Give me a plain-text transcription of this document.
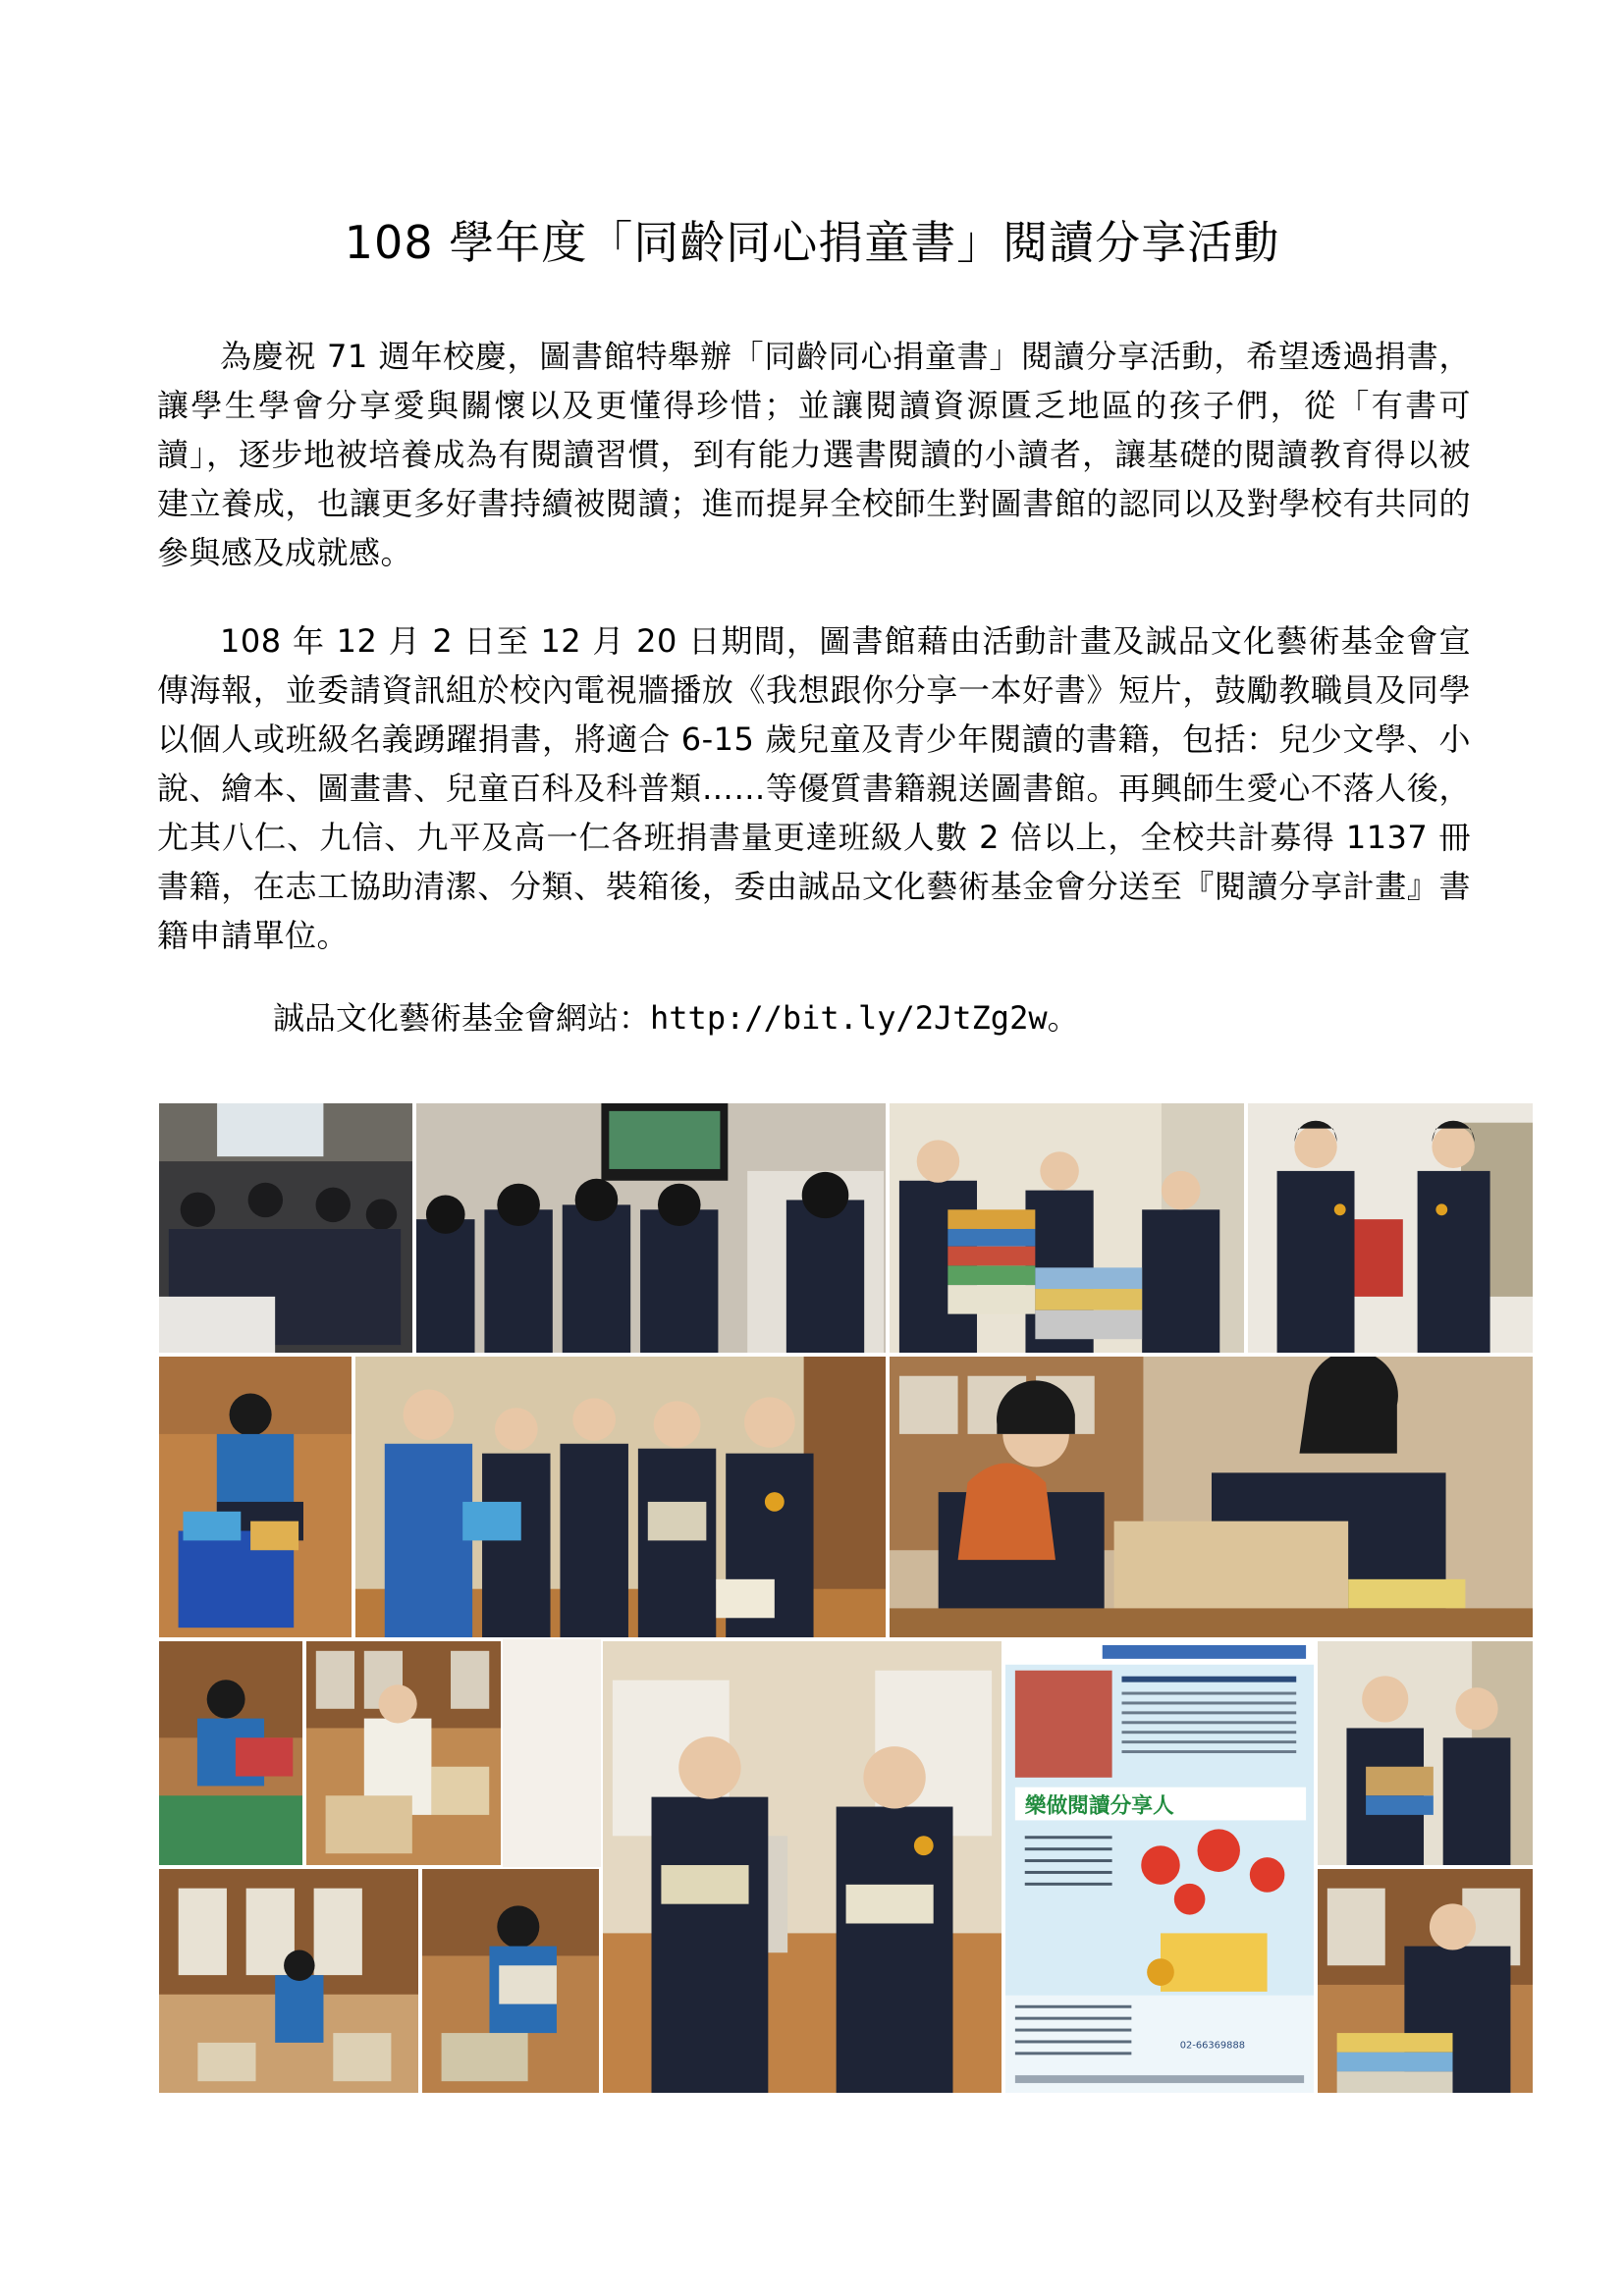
108 學年度「同齡同心捐童書」閱讀分享活動

為慶祝 71 週年校慶，圖書館特舉辦「同齡同心捐童書」閱讀分享活動，希望透過捐書，讓學生學會分享愛與關懷以及更懂得珍惜；並讓閱讀資源匱乏地區的孩子們，從「有書可讀」，逐步地被培養成為有閱讀習慣，到有能力選書閱讀的小讀者，讓基礎的閱讀教育得以被建立養成，也讓更多好書持續被閱讀；進而提昇全校師生對圖書館的認同以及對學校有共同的參與感及成就感。

108 年 12 月 2 日至 12 月 20 日期間，圖書館藉由活動計畫及誠品文化藝術基金會宣傳海報，並委請資訊組於校內電視牆播放《我想跟你分享一本好書》短片，鼓勵教職員及同學以個人或班級名義踴躍捐書，將適合 6-15 歲兒童及青少年閱讀的書籍，包括：兒少文學、小說、繪本、圖畫書、兒童百科及科普類……等優質書籍親送圖書館。再興師生愛心不落人後，尤其八仁、九信、九平及高一仁各班捐書量更達班級人數 2 倍以上，全校共計募得 1137 冊書籍，在志工協助清潔、分類、裝箱後，委由誠品文化藝術基金會分送至『閱讀分享計畫』書籍申請單位。

誠品文化藝術基金會網站：http://bit.ly/2JtZg2w。

樂做閱讀分享人
02-66369888
